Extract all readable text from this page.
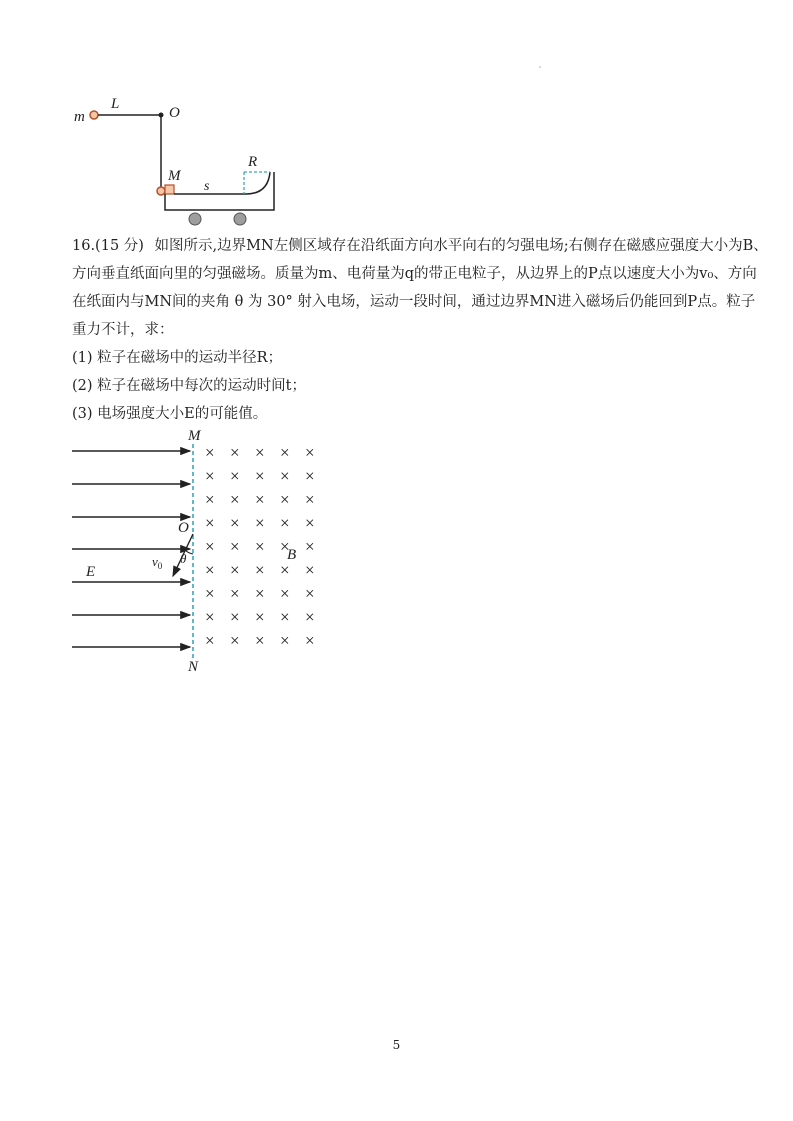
m
L
O
M
s
R
16.(15 分) 如图所示,边界MN左侧区域存在沿纸面方向水平向右的匀强电场;右侧存在磁感应强度大小为B、
方向垂直纸面向里的匀强磁场。质量为m、电荷量为q的带正电粒子，从边界上的P点以速度大小为v₀、方向
在纸面内与MN间的夹角 θ 为 30° 射入电场，运动一段时间，通过边界MN进入磁场后仍能回到P点。粒子
重力不计，求：
(1) 粒子在磁场中的运动半径R；
(2) 粒子在磁场中每次的运动时间t；
(3) 电场强度大小E的可能值。
M
N
E
O
θ
$v_0$
× × × × ×
× × × × ×
× × × × ×
× × × × ×
× × × × ×
× × × × ×
× × × × ×
× × × × ×
× × × × ×
B
5
